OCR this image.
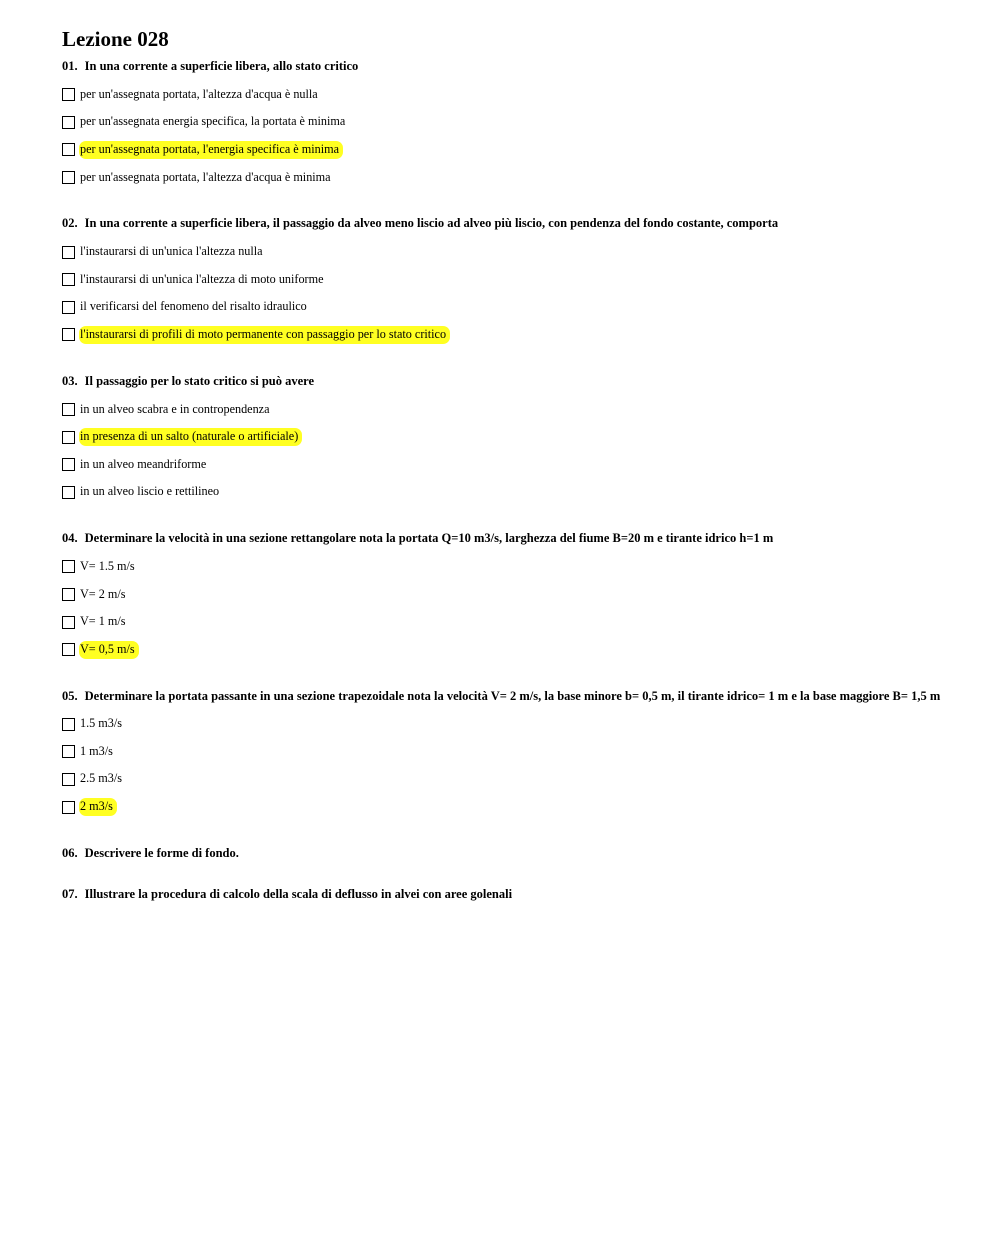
Lezione 028
01. In una corrente a superficie libera, allo stato critico
per un'assegnata portata, l'altezza d'acqua è nulla
per un'assegnata energia specifica, la portata è minima
per un'assegnata portata, l'energia specifica è minima
per un'assegnata portata, l'altezza d'acqua è minima
02. In una corrente a superficie libera, il passaggio da alveo meno liscio ad alveo più liscio, con pendenza del fondo costante, comporta
l'instaurarsi di un'unica l'altezza nulla
l'instaurarsi di un'unica l'altezza di moto uniforme
il verificarsi del fenomeno del risalto idraulico
l'instaurarsi di profili di moto permanente con passaggio per lo stato critico
03. Il passaggio per lo stato critico si può avere
in un alveo scabra e in contropendenza
in presenza di un salto (naturale o artificiale)
in un alveo meandriforme
in un alveo liscio e rettilineo
04. Determinare la velocità in una sezione rettangolare nota la portata Q=10 m3/s, larghezza del fiume B=20 m e tirante idrico h=1 m
V= 1.5 m/s
V= 2 m/s
V= 1 m/s
V= 0,5 m/s
05. Determinare la portata passante in una sezione trapezoidale nota la velocità V= 2 m/s, la base minore b= 0,5 m, il tirante idrico= 1 m e la base maggiore B= 1,5 m
1.5 m3/s
1 m3/s
2.5 m3/s
2 m3/s
06. Descrivere le forme di fondo.
07. Illustrare la procedura di calcolo della scala di deflusso in alvei con aree golenali
